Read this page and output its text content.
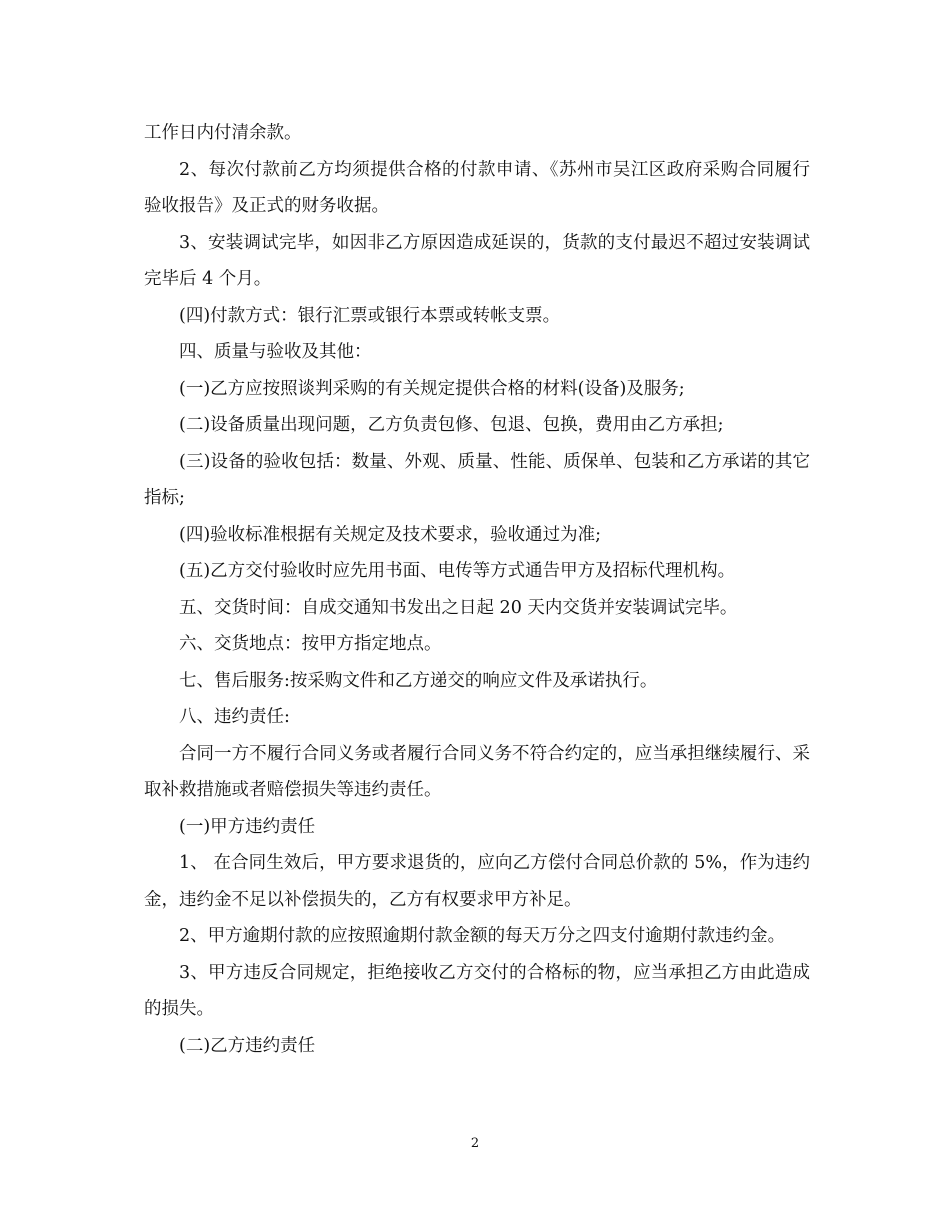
工作日内付清余款。

2、每次付款前乙方均须提供合格的付款申请、《苏州市吴江区政府采购合同履行验收报告》及正式的财务收据。

3、安装调试完毕，如因非乙方原因造成延误的，货款的支付最迟不超过安装调试完毕后 4 个月。

(四)付款方式：银行汇票或银行本票或转帐支票。

四、质量与验收及其他：

(一)乙方应按照谈判采购的有关规定提供合格的材料(设备)及服务;

(二)设备质量出现问题，乙方负责包修、包退、包换，费用由乙方承担;

(三)设备的验收包括：数量、外观、质量、性能、质保单、包装和乙方承诺的其它指标;

(四)验收标准根据有关规定及技术要求，验收通过为准;

(五)乙方交付验收时应先用书面、电传等方式通告甲方及招标代理机构。

五、交货时间：自成交通知书发出之日起 20 天内交货并安装调试完毕。

六、交货地点：按甲方指定地点。

七、售后服务:按采购文件和乙方递交的响应文件及承诺执行。

八、违约责任:

合同一方不履行合同义务或者履行合同义务不符合约定的，应当承担继续履行、采取补救措施或者赔偿损失等违约责任。

(一)甲方违约责任

1、 在合同生效后，甲方要求退货的，应向乙方偿付合同总价款的 5%，作为违约金，违约金不足以补偿损失的，乙方有权要求甲方补足。

2、甲方逾期付款的应按照逾期付款金额的每天万分之四支付逾期付款违约金。

3、甲方违反合同规定，拒绝接收乙方交付的合格标的物，应当承担乙方由此造成的损失。

(二)乙方违约责任

2
